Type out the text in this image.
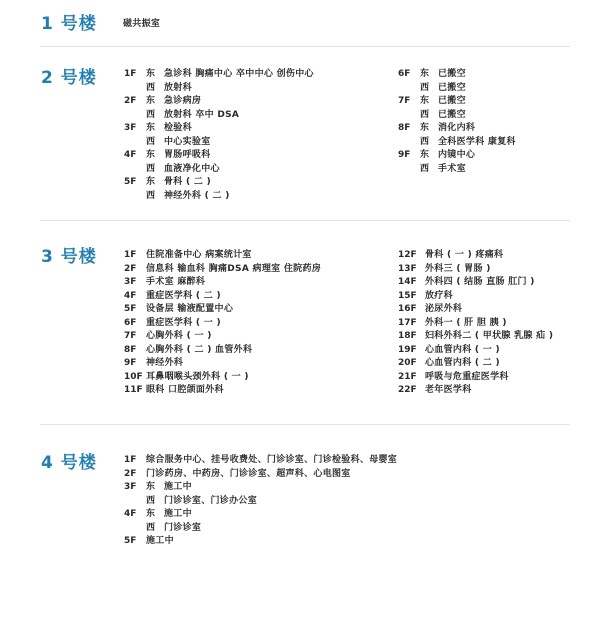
1 号楼	磁共振室
2 号楼	1F 东 急诊科 胸痛中心 卒中中心 创伤中心
西 放射科
2F 东 急诊病房
西 放射科 卒中 DSA
3F 东 检验科
西 中心实验室
4F 东 胃肠呼吸科
西 血液净化中心
5F 东 骨科 ( 二 )
西 神经外科 ( 二 )
6F 东 已搬空
西 已搬空
7F 东 已搬空
西 已搬空
8F 东 消化内科
西 全科医学科 康复科
9F 东 内镜中心
西 手术室
3 号楼	1F 住院准备中心 病案统计室
2F 信息科 输血科 胸痛DSA 病理室 住院药房
3F 手术室 麻醉科
4F 重症医学科 ( 二 )
5F 设备层 输液配置中心
6F 重症医学科 ( 一 )
7F 心胸外科 ( 一 )
8F 心胸外科 ( 二 ) 血管外科
9F 神经外科
10F 耳鼻咽喉头颈外科 ( 一 )
11F 眼科 口腔颌面外科
12F 骨科 ( 一 ) 疼痛科
13F 外科三 ( 胃肠 )
14F 外科四 ( 结肠 直肠 肛门 )
15F 放疗科
16F 泌尿外科
17F 外科一 ( 肝 胆 胰 )
18F 妇科外科二 ( 甲状腺 乳腺 疝 )
19F 心血管内科 ( 一 )
20F 心血管内科 ( 二 )
21F 呼吸与危重症医学科
22F 老年医学科
4 号楼	1F 综合服务中心、挂号收费处、门诊诊室、门诊检验科、母婴室
2F 门诊药房、中药房、门诊诊室、超声科、心电图室
3F 东 施工中
西 门诊诊室、门诊办公室
4F 东 施工中
西 门诊诊室
5F 施工中
